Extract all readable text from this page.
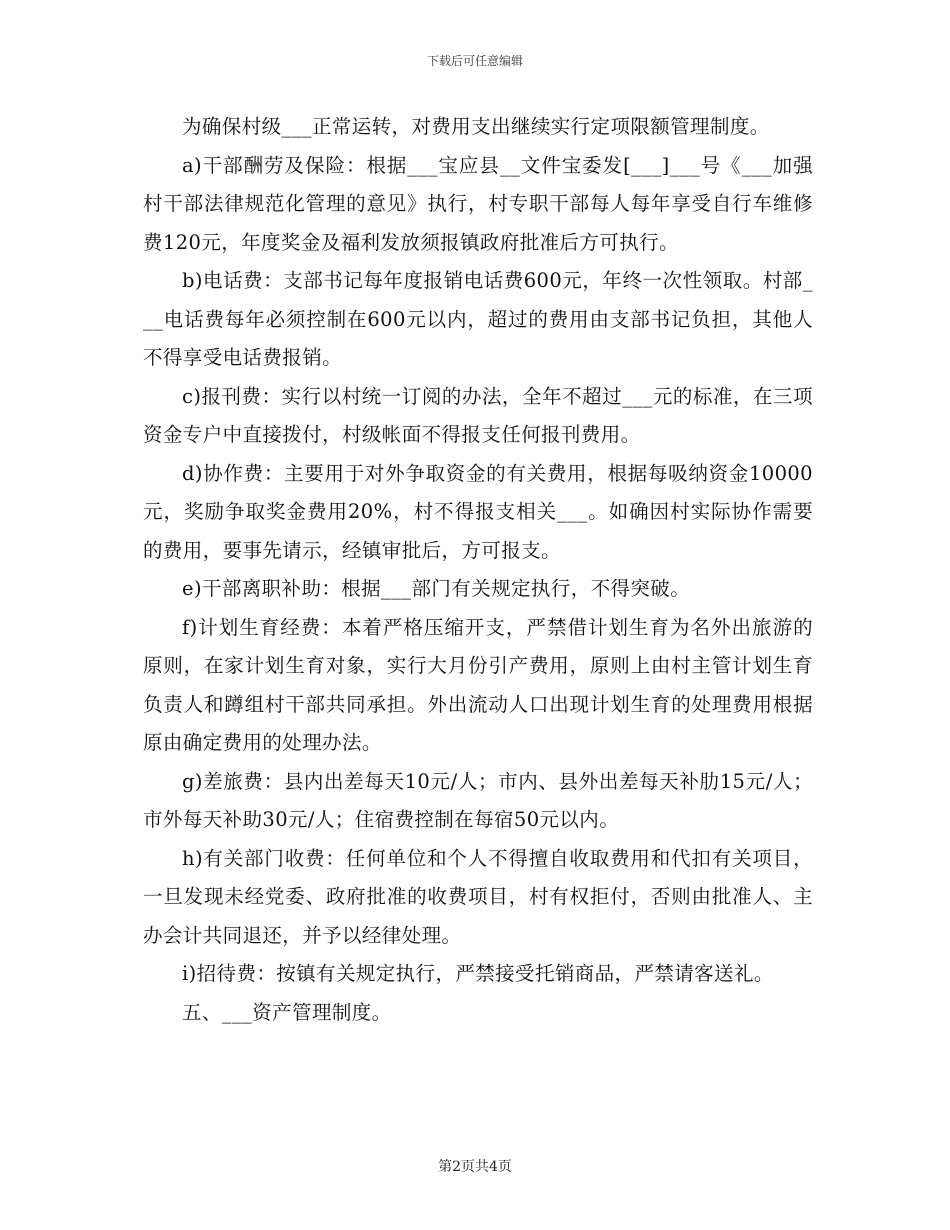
下载后可任意编辑

为确保村级___正常运转，对费用支出继续实行定项限额管理制度。

a)干部酬劳及保险：根据___宝应县__文件宝委发[___]___号《___加强村干部法律规范化管理的意见》执行，村专职干部每人每年享受自行车维修费120元，年度奖金及福利发放须报镇政府批准后方可执行。

b)电话费：支部书记每年度报销电话费600元，年终一次性领取。村部___电话费每年必须控制在600元以内，超过的费用由支部书记负担，其他人不得享受电话费报销。

c)报刊费：实行以村统一订阅的办法，全年不超过___元的标准，在三项资金专户中直接拨付，村级帐面不得报支任何报刊费用。

d)协作费：主要用于对外争取资金的有关费用，根据每吸纳资金10000元，奖励争取奖金费用20%，村不得报支相关___。如确因村实际协作需要的费用，要事先请示，经镇审批后，方可报支。

e)干部离职补助：根据___部门有关规定执行，不得突破。

f)计划生育经费：本着严格压缩开支，严禁借计划生育为名外出旅游的原则，在家计划生育对象，实行大月份引产费用，原则上由村主管计划生育负责人和蹲组村干部共同承担。外出流动人口出现计划生育的处理费用根据原由确定费用的处理办法。

g)差旅费：县内出差每天10元/人；市内、县外出差每天补肋15元/人；市外每天补助30元/人；住宿费控制在每宿50元以内。

h)有关部门收费：任何单位和个人不得擅自收取费用和代扣有关项目，一旦发现未经党委、政府批准的收费项目，村有权拒付，否则由批准人、主办会计共同退还，并予以经律处理。

i)招待费：按镇有关规定执行，严禁接受托销商品，严禁请客送礼。

五、___资产管理制度。

第2页共4页
